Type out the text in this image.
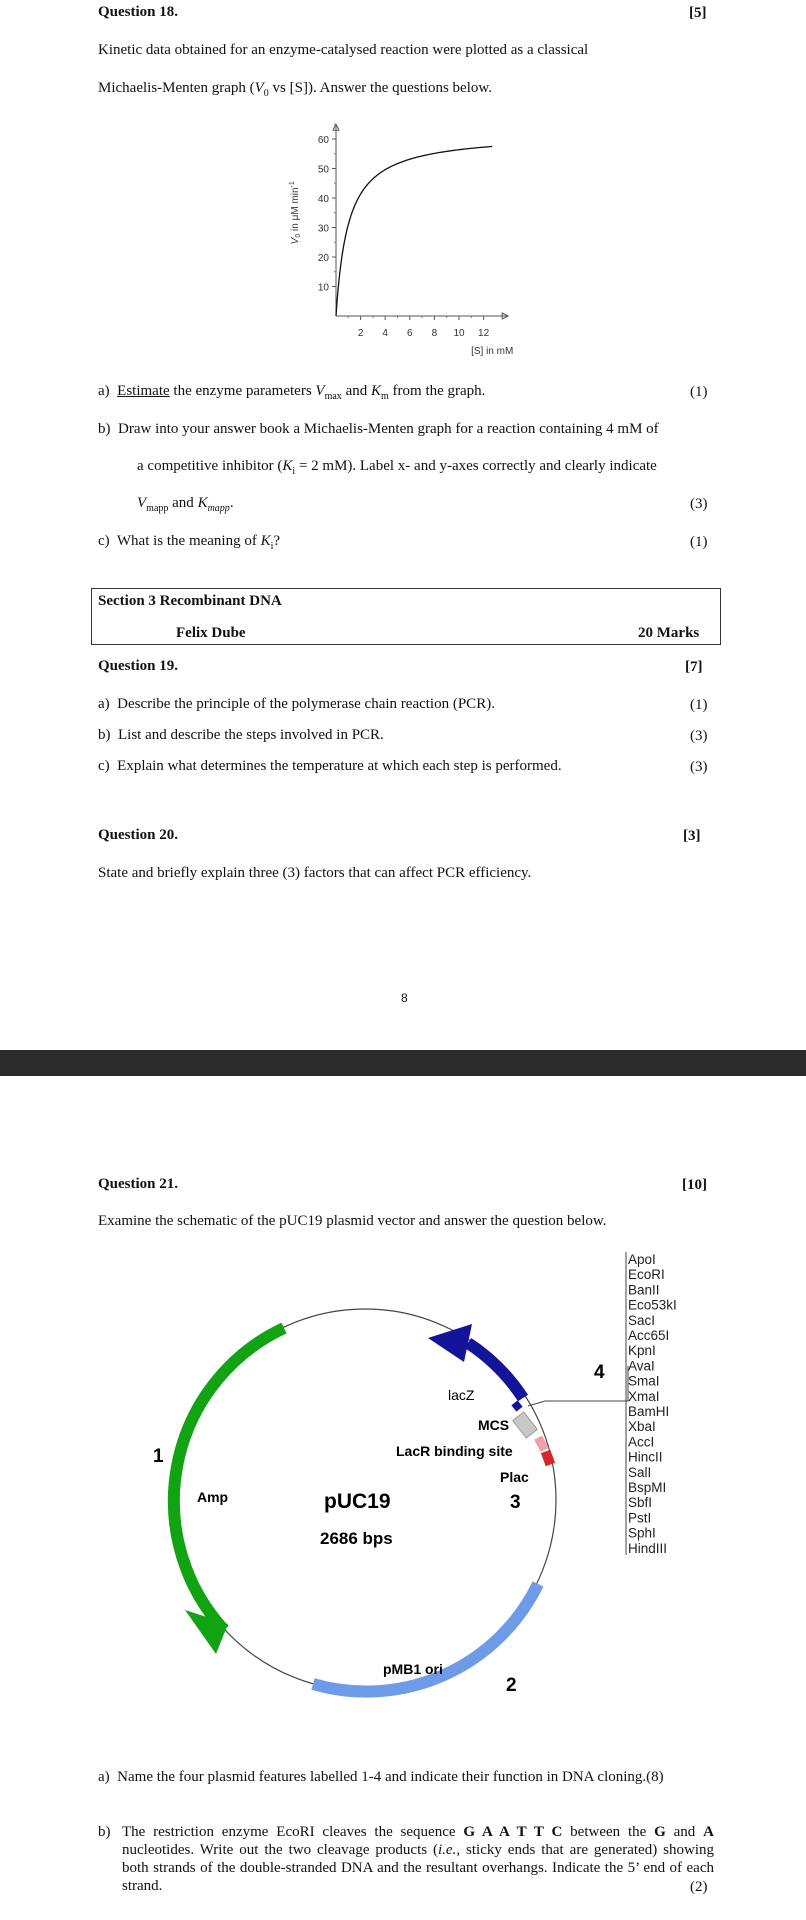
Question 18.	[5]
Kinetic data obtained for an enzyme-catalysed reaction were plotted as a classical
Michaelis-Menten graph ($V_0$ vs [S]). Answer the questions below.
10
20
30
40
50
60
2 4 6 8 10 12
[S] in mM
$V_0$ in μM $\min^{-1}$
a) Estimate the enzyme parameters $V_{max}$ and $K_m$ from the graph.	(1)
b) Draw into your answer book a Michaelis-Menten graph for a reaction containing 4 mM of
a competitive inhibitor ($K_i = 2$ mM). Label x- and y-axes correctly and clearly indicate
$V_{mapp}$ and $K_{mapp}$.	(3)
c) What is the meaning of $K_i$?	(1)
Section 3 Recombinant DNA
Felix Dube	20 Marks
Question 19.	[7]
a) Describe the principle of the polymerase chain reaction (PCR).	(1)
b) List and describe the steps involved in PCR.	(3)
c) Explain what determines the temperature at which each step is performed.	(3)
Question 20.	[3]
State and briefly explain three (3) factors that can affect PCR efficiency.
8
Question 21.	[10]
Examine the schematic of the pUC19 plasmid vector and answer the question below.
lacZ
MCS
LacR binding site
Plac
Amp	pUC19
2686 bps
pMB1 ori
1
2
3
4
ApoI
EcoRI
BanII
Eco53kI
SacI
Acc65I
KpnI
AvaI
SmaI
XmaI
BamHI
XbaI
AccI
HincII
SalI
BspMI
SbfI
PstI
SphI
HindIII
a) Name the four plasmid features labelled 1-4 and indicate their function in DNA cloning.(8)
b) The restriction enzyme EcoRI cleaves the sequence G A A T T C between the G and A nucleotides. Write out the two cleavage products (i.e., sticky ends that are generated) showing both strands of the double-stranded DNA and the resultant overhangs. Indicate the 5’ end of each strand.	(2)
